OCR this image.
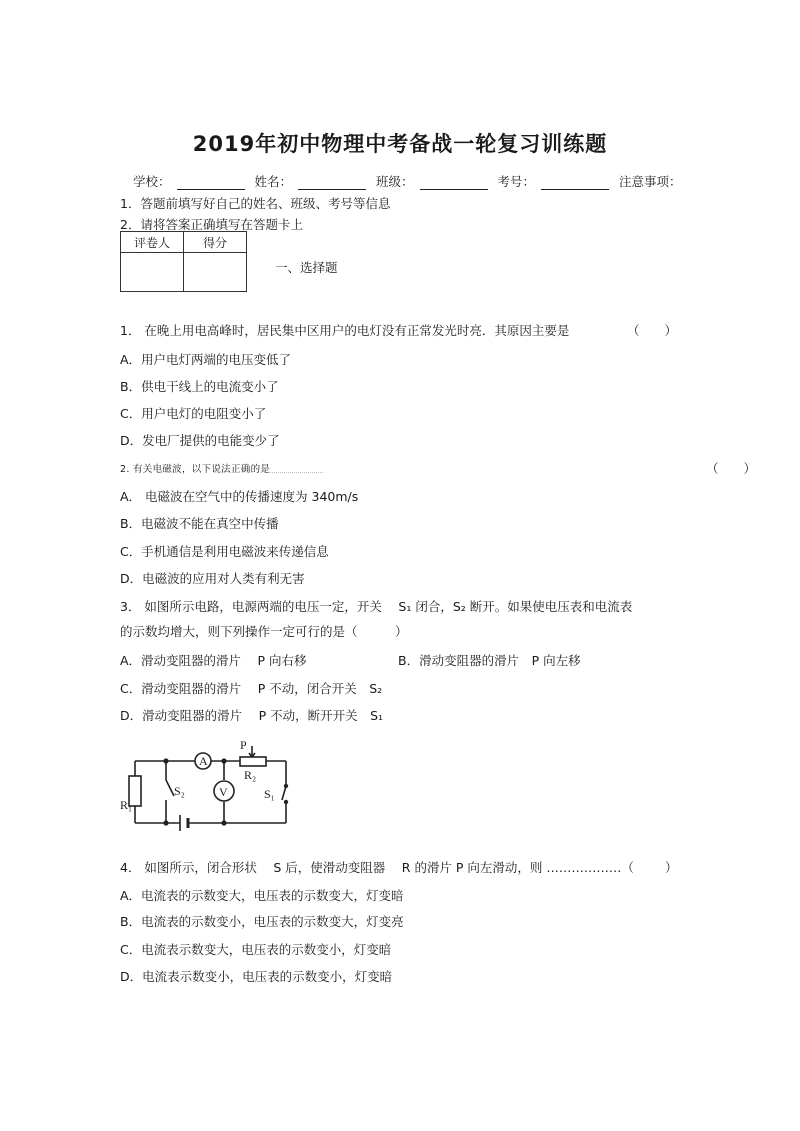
2019年初中物理中考备战一轮复习训练题
学校：	姓名：	班级：	考号：	注意事项：
1．答题前填写好自己的姓名、班级、考号等信息
2．请将答案正确填写在答题卡上
评卷人	得分

一、选择题
1． 在晚上用电高峰时，居民集中区用户的电灯没有正常发光时亮．其原因主要是	（　　）
A．用户电灯两端的电压变低了
B．供电干线上的电流变小了
C．用户电灯的电阻变小了
D．发电厂提供的电能变少了
2. 有关电磁波，以下说法正确的是	（　　）
A． 电磁波在空气中的传播速度为 340m/s
B．电磁波不能在真空中传播
C．手机通信是利用电磁波来传递信息
D．电磁波的应用对人类有利无害
3． 如图所示电路，电源两端的电压一定，开关　 S₁ 闭合，S₂ 断开。如果使电压表和电流表
的示数均增大，则下列操作一定可行的是（　　　）
A．滑动变阻器的滑片　 P 向右移	B．滑动变阻器的滑片　P 向左移
C．滑动变阻器的滑片　 P 不动，闭合开关　S₂
D．滑动变阻器的滑片　 P 不动，断开开关　S₁
A
V
P
R₂
R₁
S₁
S₂
4． 如图所示，闭合形状　 S 后，使滑动变阻器　 R 的滑片 P 向左滑动，则 ………………（ ）
A．电流表的示数变大，电压表的示数变大，灯变暗
B．电流表的示数变小，电压表的示数变大，灯变亮
C．电流表示数变大，电压表的示数变小，灯变暗
D．电流表示数变小，电压表的示数变小，灯变暗
